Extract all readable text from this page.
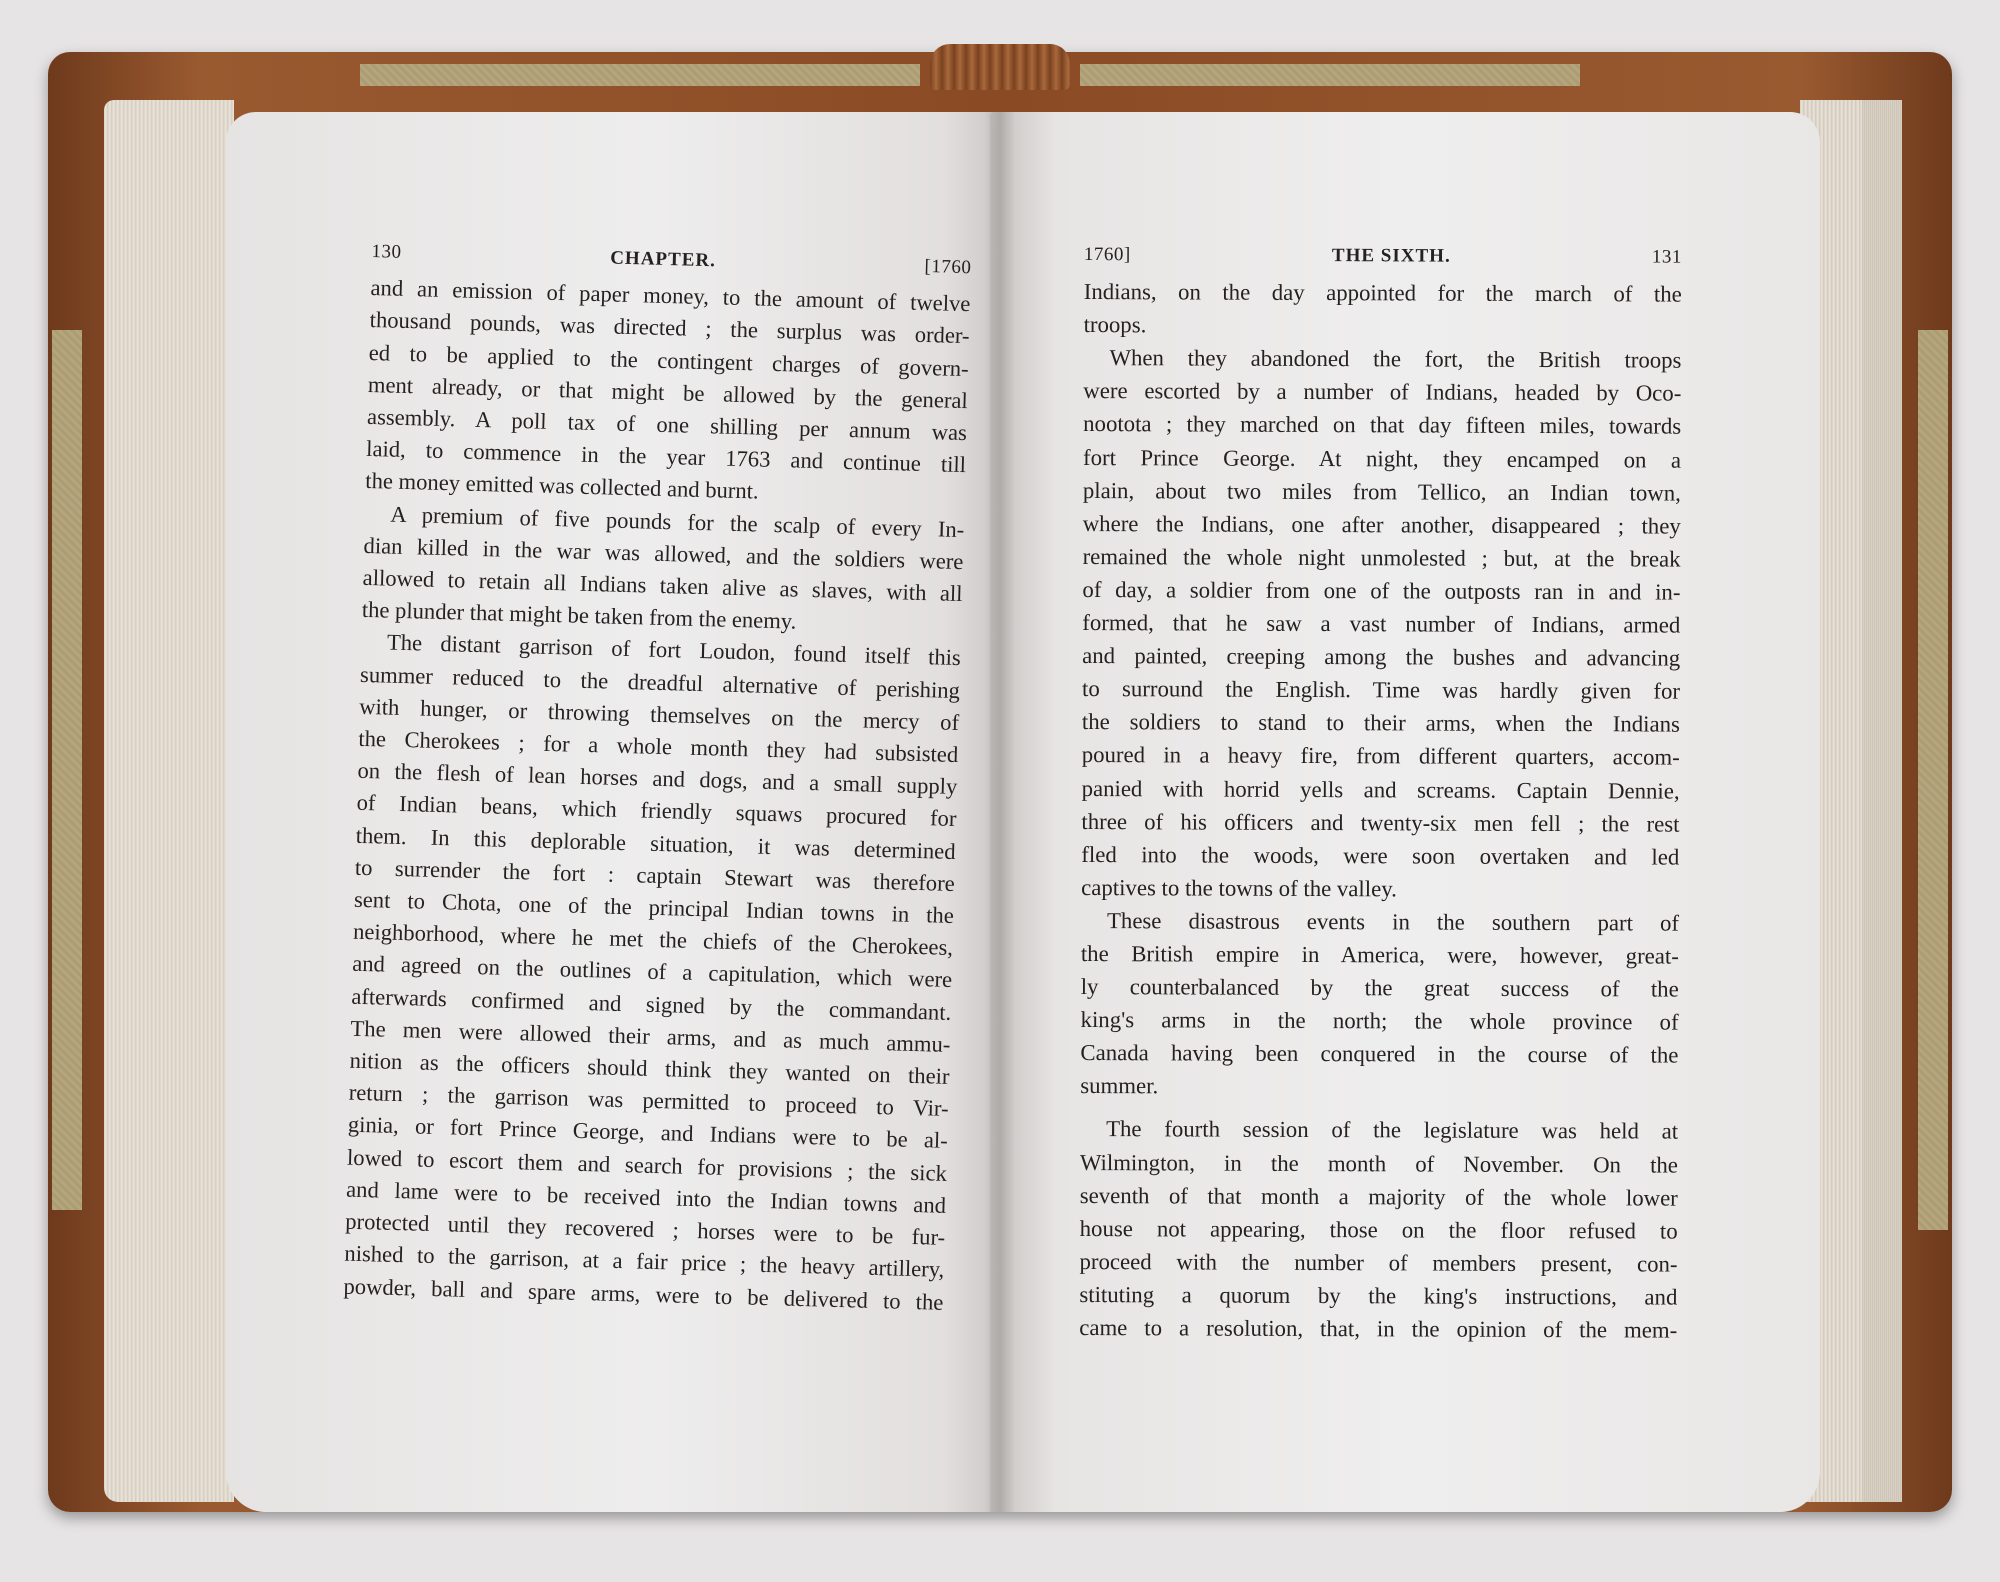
130	CHAPTER.	[1760
and an emission of paper money, to the amount of twelve
thousand pounds, was directed ; the surplus was order-
ed to be applied to the contingent charges of govern-
ment already, or that might be allowed by the general
assembly. A poll tax of one shilling per annum was
laid, to commence in the year 1763 and continue till
the money emitted was collected and burnt.
A premium of five pounds for the scalp of every In-
dian killed in the war was allowed, and the soldiers were
allowed to retain all Indians taken alive as slaves, with all
the plunder that might be taken from the enemy.
The distant garrison of fort Loudon, found itself this
summer reduced to the dreadful alternative of perishing
with hunger, or throwing themselves on the mercy of
the Cherokees ; for a whole month they had subsisted
on the flesh of lean horses and dogs, and a small supply
of Indian beans, which friendly squaws procured for
them. In this deplorable situation, it was determined
to surrender the fort : captain Stewart was therefore
sent to Chota, one of the principal Indian towns in the
neighborhood, where he met the chiefs of the Cherokees,
and agreed on the outlines of a capitulation, which were
afterwards confirmed and signed by the commandant.
The men were allowed their arms, and as much ammu-
nition as the officers should think they wanted on their
return ; the garrison was permitted to proceed to Vir-
ginia, or fort Prince George, and Indians were to be al-
lowed to escort them and search for provisions ; the sick
and lame were to be received into the Indian towns and
protected until they recovered ; horses were to be fur-
nished to the garrison, at a fair price ; the heavy artillery,
powder, ball and spare arms, were to be delivered to the
1760]	THE SIXTH.	131
Indians, on the day appointed for the march of the
troops.
When they abandoned the fort, the British troops
were escorted by a number of Indians, headed by Oco-
nootota ; they marched on that day fifteen miles, towards
fort Prince George. At night, they encamped on a
plain, about two miles from Tellico, an Indian town,
where the Indians, one after another, disappeared ; they
remained the whole night unmolested ; but, at the break
of day, a soldier from one of the outposts ran in and in-
formed, that he saw a vast number of Indians, armed
and painted, creeping among the bushes and advancing
to surround the English. Time was hardly given for
the soldiers to stand to their arms, when the Indians
poured in a heavy fire, from different quarters, accom-
panied with horrid yells and screams. Captain Dennie,
three of his officers and twenty-six men fell ; the rest
fled into the woods, were soon overtaken and led
captives to the towns of the valley.
These disastrous events in the southern part of
the British empire in America, were, however, great-
ly counterbalanced by the great success of the
king's arms in the north; the whole province of
Canada having been conquered in the course of the
summer.
The fourth session of the legislature was held at
Wilmington, in the month of November. On the
seventh of that month a majority of the whole lower
house not appearing, those on the floor refused to
proceed with the number of members present, con-
stituting a quorum by the king's instructions, and
came to a resolution, that, in the opinion of the mem-
